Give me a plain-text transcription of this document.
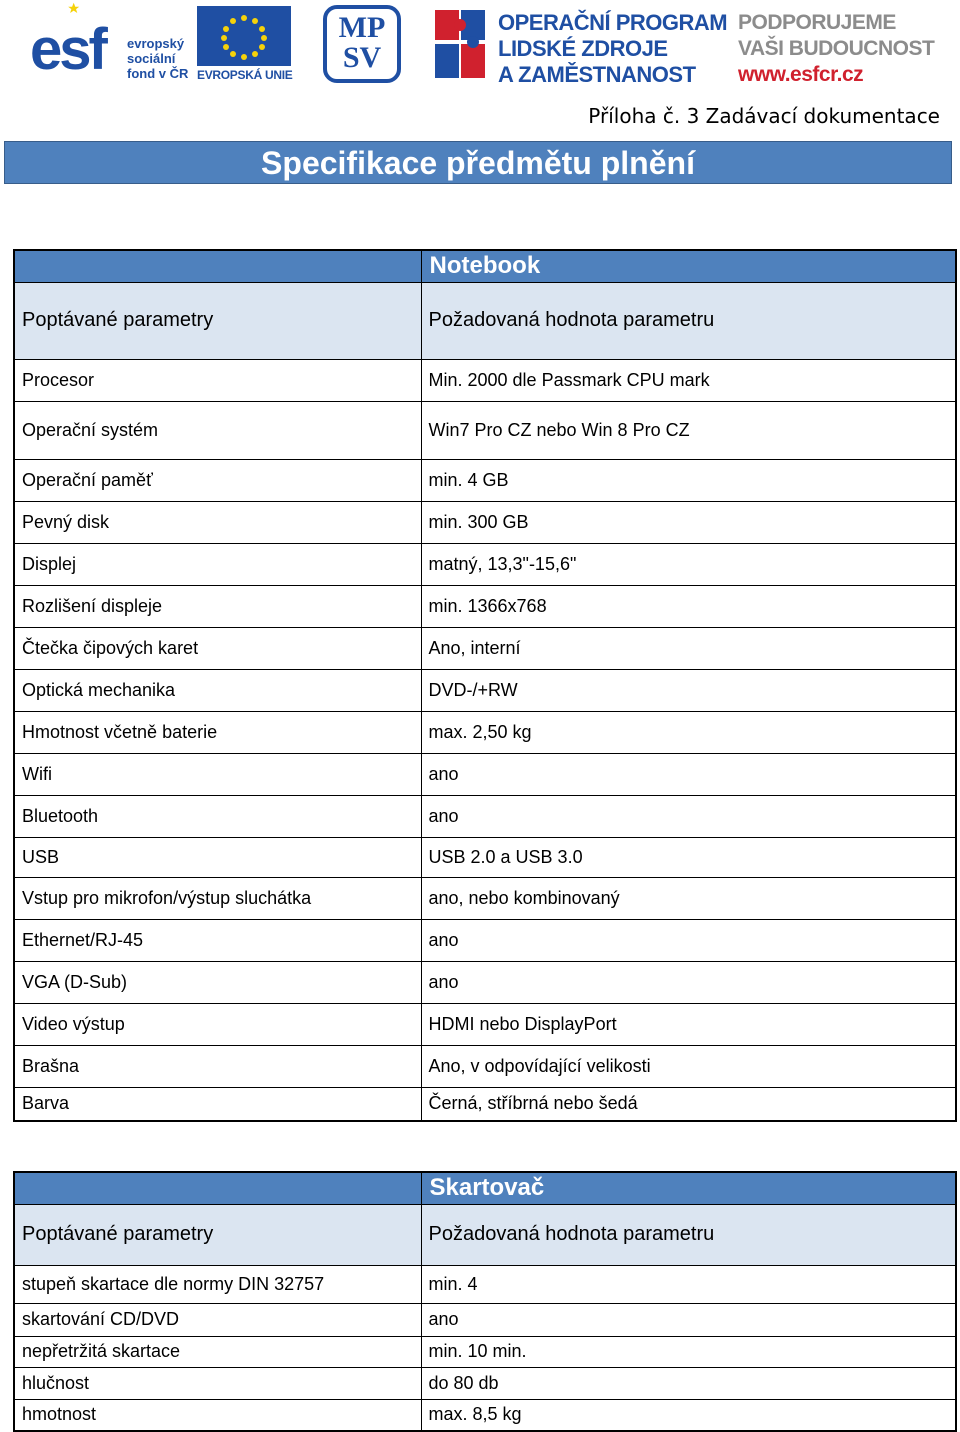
esf evropský
sociální
fond v ČR EVROPSKÁ UNIE
MP
SV
OPERAČNÍ PROGRAM
LIDSKÉ ZDROJE
A ZAMĚSTNANOST
PODPORUJEME
VAŠI BUDOUCNOST
www.esfcr.cz
Příloha č. 3 Zadávací dokumentace
Specifikace předmětu plnění
	Notebook
Poptávané parametry	Požadovaná hodnota parametru
Procesor	Min. 2000 dle Passmark CPU mark
Operační systém	Win7 Pro CZ nebo Win 8 Pro CZ
Operační paměť	min. 4 GB
Pevný disk	min. 300 GB
Displej	matný, 13,3"-15,6"
Rozlišení displeje	min. 1366x768
Čtečka čipových karet	Ano, interní
Optická mechanika	DVD-/+RW
Hmotnost včetně baterie	max. 2,50 kg
Wifi	ano
Bluetooth	ano
USB	USB 2.0 a USB 3.0
Vstup pro mikrofon/výstup sluchátka	ano, nebo kombinovaný
Ethernet/RJ-45	ano
VGA (D-Sub)	ano
Video výstup	HDMI nebo DisplayPort
Brašna	Ano, v odpovídající velikosti
Barva	Černá, stříbrná nebo šedá
	Skartovač
Poptávané parametry	Požadovaná hodnota parametru
stupeň skartace dle normy DIN 32757	min. 4
skartování CD/DVD	ano
nepřetržitá skartace	min. 10 min.
hlučnost	do 80 db
hmotnost	max. 8,5 kg
